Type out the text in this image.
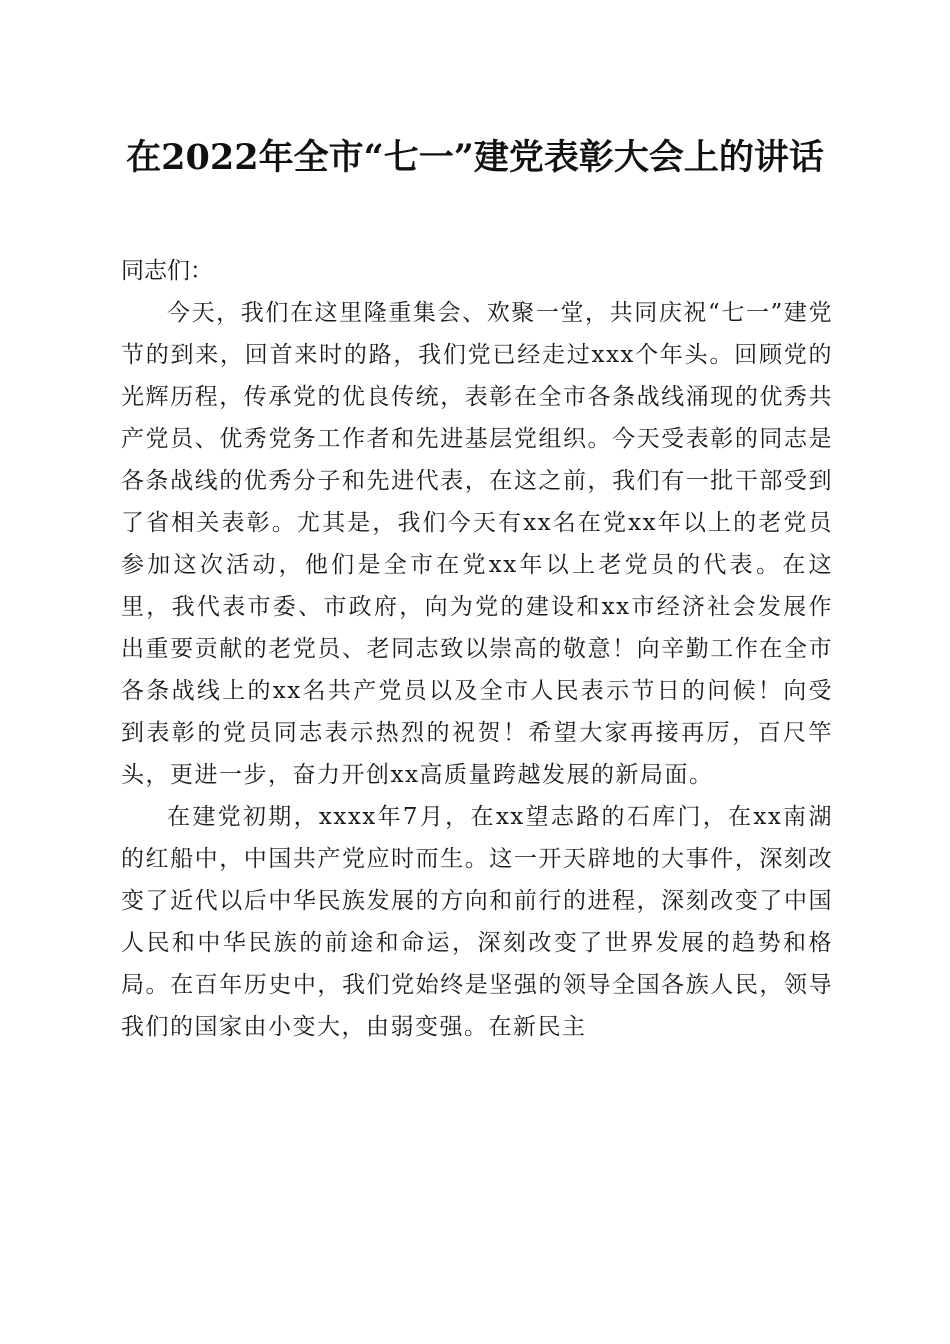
在2022年全市“七一”建党表彰大会上的讲话

同志们：

今天，我们在这里隆重集会、欢聚一堂，共同庆祝“七一”建党节的到来，回首来时的路，我们党已经走过xxx个年头。回顾党的光辉历程，传承党的优良传统，表彰在全市各条战线涌现的优秀共产党员、优秀党务工作者和先进基层党组织。今天受表彰的同志是各条战线的优秀分子和先进代表，在这之前，我们有一批干部受到了省相关表彰。尤其是，我们今天有xx名在党xx年以上的老党员参加这次活动，他们是全市在党xx年以上老党员的代表。在这里，我代表市委、市政府，向为党的建设和xx市经济社会发展作出重要贡献的老党员、老同志致以崇高的敬意！向辛勤工作在全市各条战线上的xx名共产党员以及全市人民表示节日的问候！向受到表彰的党员同志表示热烈的祝贺！希望大家再接再厉，百尺竿头，更进一步，奋力开创xx高质量跨越发展的新局面。

在建党初期，xxxx年7月，在xx望志路的石库门，在xx南湖的红船中，中国共产党应时而生。这一开天辟地的大事件，深刻改变了近代以后中华民族发展的方向和前行的进程，深刻改变了中国人民和中华民族的前途和命运，深刻改变了世界发展的趋势和格局。在百年历史中，我们党始终是坚强的领导全国各族人民，领导我们的国家由小变大，由弱变强。在新民主
